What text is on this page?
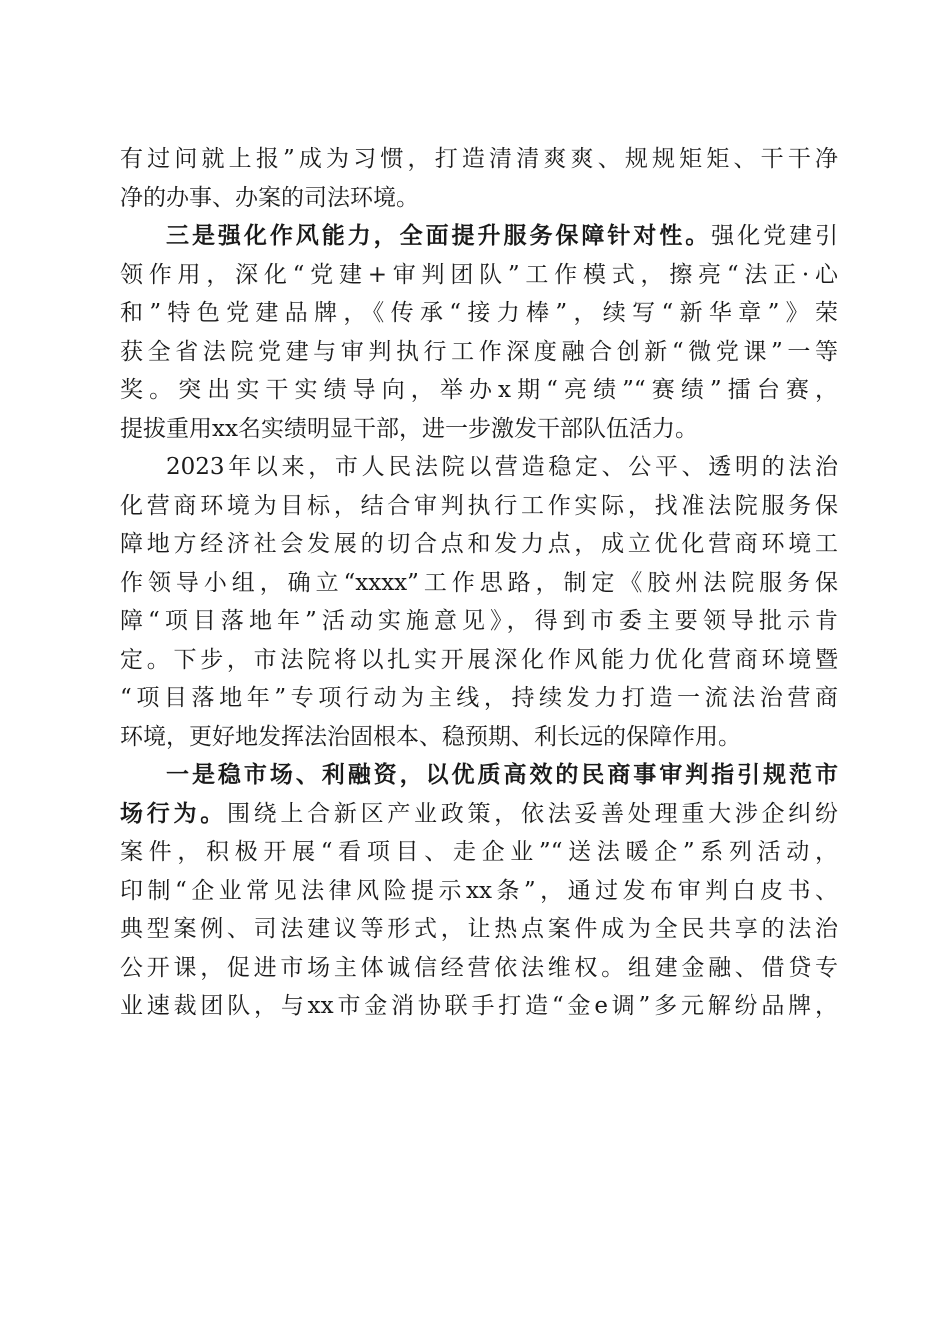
有过问就上报”成为习惯，打造清清爽爽、规规矩矩、干干净
净的办事、办案的司法环境。

三是强化作风能力，全面提升服务保障针对性。强化党建引
领作用，深化“党建+审判团队”工作模式，擦亮“法正·心
和”特色党建品牌，《传承“接力棒”，续写“新华章”》荣
获全省法院党建与审判执行工作深度融合创新“微党课”一等
奖。突出实干实绩导向，举办x期“亮绩”“赛绩”擂台赛，
提拔重用xx名实绩明显干部，进一步激发干部队伍活力。

2023年以来，市人民法院以营造稳定、公平、透明的法治
化营商环境为目标，结合审判执行工作实际，找准法院服务保
障地方经济社会发展的切合点和发力点，成立优化营商环境工
作领导小组，确立“xxxx”工作思路，制定《胶州法院服务保
障“项目落地年”活动实施意见》，得到市委主要领导批示肯
定。下步，市法院将以扎实开展深化作风能力优化营商环境暨
“项目落地年”专项行动为主线，持续发力打造一流法治营商
环境，更好地发挥法治固根本、稳预期、利长远的保障作用。

一是稳市场、利融资，以优质高效的民商事审判指引规范市
场行为。围绕上合新区产业政策，依法妥善处理重大涉企纠纷
案件，积极开展“看项目、走企业”“送法暖企”系列活动，
印制“企业常见法律风险提示xx条”，通过发布审判白皮书、
典型案例、司法建议等形式，让热点案件成为全民共享的法治
公开课，促进市场主体诚信经营依法维权。组建金融、借贷专
业速裁团队，与xx市金消协联手打造“金e调”多元解纷品牌，
